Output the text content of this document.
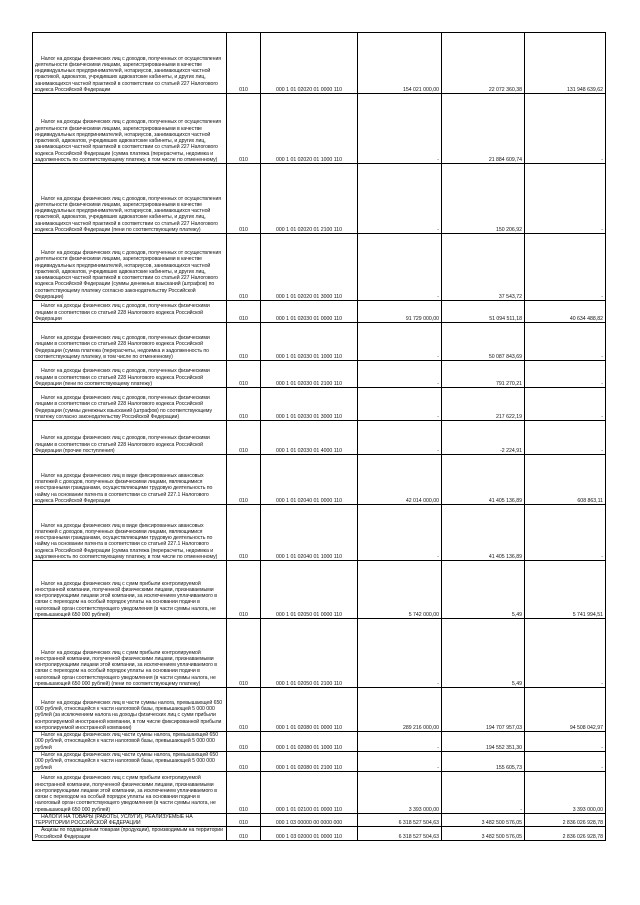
Налог на доходы физических лиц с доходов, полученных от осуществления деятельности физическими лицами, зарегистрированными в качестве индивидуальных предпринимателей, нотариусов, занимающихся частной практикой, адвокатов, учредивших адвокатские кабинеты, и других лиц, занимающихся частной практикой в соответствии со статьей 227 Налогового кодекса Российской Федерации	010	000 1 01 02020 01 0000 110	154 021 000,00	22 072 360,38	131 948 639,62
Налог на доходы физических лиц с доходов, полученных от осуществления деятельности физическими лицами, зарегистрированными в качестве индивидуальных предпринимателей, нотариусов, занимающихся частной практикой, адвокатов, учредивших адвокатские кабинеты, и других лиц, занимающихся частной практикой в соответствии со статьей 227 Налогового кодекса Российской Федерации (сумма платежа (перерасчеты, недоимка и задолженность по соответствующему платежу, в том числе по отмененному)	010	000 1 01 02020 01 1000 110	-	21 884 609,74	-
Налог на доходы физических лиц с доходов, полученных от осуществления деятельности физическими лицами, зарегистрированными в качестве индивидуальных предпринимателей, нотариусов, занимающихся частной практикой, адвокатов, учредивших адвокатские кабинеты, и других лиц, занимающихся частной практикой в соответствии со статьей 227 Налогового кодекса Российской Федерации (пени по соответствующему платежу)	010	000 1 01 02020 01 2100 110	-	150 206,92	-
Налог на доходы физических лиц с доходов, полученных от осуществления деятельности физическими лицами, зарегистрированными в качестве индивидуальных предпринимателей, нотариусов, занимающихся частной практикой, адвокатов, учредивших адвокатские кабинеты, и других лиц, занимающихся частной практикой в соответствии со статьей 227 Налогового кодекса Российской Федерации (суммы денежных взысканий (штрафов) по соответствующему платежу согласно законодательству Российской Федерации)	010	000 1 01 02020 01 3000 110	-	37 543,72	-
Налог на доходы физических лиц с доходов, полученных физическими лицами в соответствии со статьей 228 Налогового кодекса Российской Федерации	010	000 1 01 02030 01 0000 110	91 729 000,00	51 094 511,18	40 634 488,82
Налог на доходы физических лиц с доходов, полученных физическими лицами в соответствии со статьей 228 Налогового кодекса Российской Федерации (сумма платежа (перерасчеты, недоимка и задолженность по соответствующему платежу, в том числе по отмененному)	010	000 1 01 02030 01 1000 110	-	50 087 843,69	-
Налог на доходы физических лиц с доходов, полученных физическими лицами в соответствии со статьей 228 Налогового кодекса Российской Федерации (пени по соответствующему платежу)	010	000 1 01 02030 01 2100 110	-	791 270,21	-
Налог на доходы физических лиц с доходов, полученных физическими лицами в соответствии со статьей 228 Налогового кодекса Российской Федерации (суммы денежных взысканий (штрафов) по соответствующему платежу согласно законодательству Российской Федерации)	010	000 1 01 02030 01 3000 110	-	217 622,19	-
Налог на доходы физических лиц с доходов, полученных физическими лицами в соответствии со статьей 228 Налогового кодекса Российской Федерации (прочие поступления)	010	000 1 01 02030 01 4000 110	-	-2 224,91	-
Налог на доходы физических лиц в виде фиксированных авансовых платежей с доходов, полученных физическими лицами, являющимися иностранными гражданами, осуществляющими трудовую деятельность по найму на основании патента в соответствии со статьей 227.1 Налогового кодекса Российской Федерации	010	000 1 01 02040 01 0000 110	42 014 000,00	41 405 136,89	608 863,11
Налог на доходы физических лиц в виде фиксированных авансовых платежей с доходов, полученных физическими лицами, являющимися иностранными гражданами, осуществляющими трудовую деятельность по найму на основании патента в соответствии со статьей 227.1 Налогового кодекса Российской Федерации (сумма платежа (перерасчеты, недоимка и задолженность по соответствующему платежу, в том числе по отмененному)	010	000 1 01 02040 01 1000 110	-	41 405 136,89	-
Налог на доходы физических лиц с сумм прибыли контролируемой иностранной компании, полученной физическими лицами, признаваемыми контролирующими лицами этой компании, за исключением уплачиваемого в связи с переходом на особый порядок уплаты на основании подачи в налоговый орган соответствующего уведомления (в части суммы налога, не превышающей 650 000 рублей)	010	000 1 01 02050 01 0000 110	5 742 000,00	5,49	5 741 994,51
Налог на доходы физических лиц с сумм прибыли контролируемой иностранной компании, полученной физическими лицами, признаваемыми контролирующими лицами этой компании, за исключением уплачиваемого в связи с переходом на особый порядок уплаты на основании подачи в налоговый орган соответствующего уведомления (в части суммы налога, не превышающей 650 000 рублей) (пени по соответствующему платежу)	010	000 1 01 02050 01 2100 110	-	5,49	-
Налог на доходы физических лиц в части суммы налога, превышающей 650 000 рублей, относящейся к части налоговой базы, превышающей 5 000 000 рублей (за исключением налога на доходы физических лиц с сумм прибыли контролируемой иностранной компании, в том числе фиксированной прибыли контролируемой иностранной компании)	010	000 1 01 02080 01 0000 110	289 216 000,00	194 707 957,03	94 508 042,97
Налог на доходы физических лиц части суммы налога, превышающей 650 000 рублей, относящейся к части налоговой базы, превышающей 5 000 000 рублей	010	000 1 01 02080 01 1000 110	-	194 552 351,30	-
Налог на доходы физических лиц части суммы налога, превышающей 650 000 рублей, относящейся к части налоговой базы, превышающей 5 000 000 рублей	010	000 1 01 02080 01 2100 110	-	155 605,73	-
Налог на доходы физических лиц с сумм прибыли контролируемой иностранной компании, полученной физическими лицами, признаваемыми контролирующими лицами этой компании, за исключением уплачиваемого в связи с переходом на особый порядок уплаты на основании подачи в налоговый орган соответствующего уведомления (в части суммы налога, не превышающей 650 000 рублей)	010	000 1 01 02100 01 0000 110	3 393 000,00	-	3 393 000,00
НАЛОГИ НА ТОВАРЫ (РАБОТЫ, УСЛУГИ), РЕАЛИЗУЕМЫЕ НА ТЕРРИТОРИИ РОССИЙСКОЙ ФЕДЕРАЦИИ	010	000 1 03 00000 00 0000 000	6 318 527 504,63	3 482 500 576,05	2 836 026 928,78
Акцизы по подакцизным товарам (продукции), производимым на территории Российской Федерации	010	000 1 03 02000 01 0000 110	6 318 527 504,63	3 482 500 576,05	2 836 026 928,78
